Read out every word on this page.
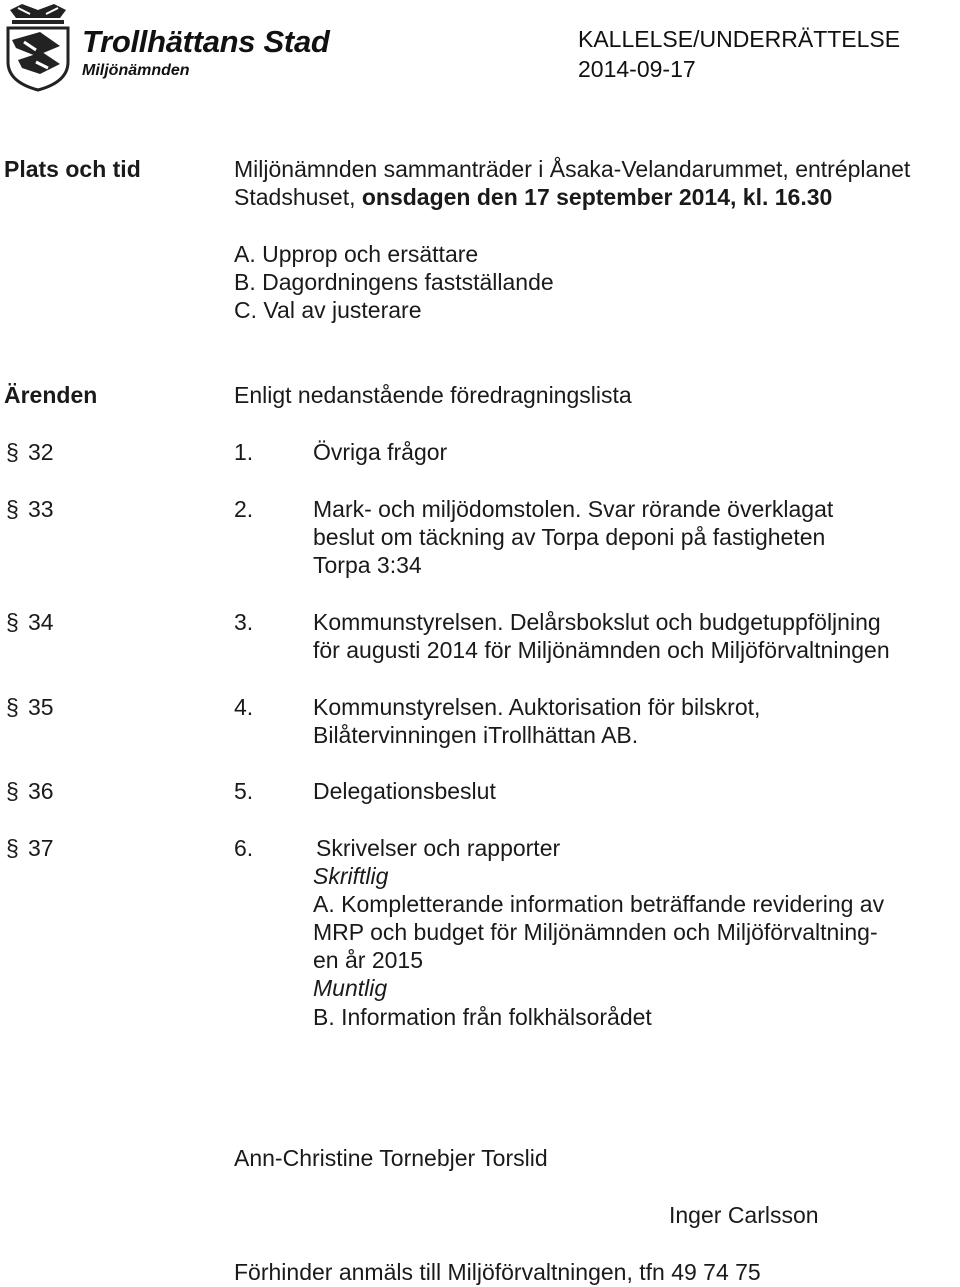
Trollhättans Stad
Miljönämnden
KALLELSE/UNDERRÄTTELSE
2014-09-17
Plats och tid	Miljönämnden sammanträder i Åsaka-Velandarummet, entréplanet
Stadshuset, onsdagen den 17 september 2014, kl. 16.30
A. Upprop och ersättare
B. Dagordningens fastställande
C. Val av justerare
Ärenden	Enligt nedanstående föredragningslista
§ 32	1.	Övriga frågor
§ 33	2.	Mark- och miljödomstolen. Svar rörande överklagat
beslut om täckning av Torpa deponi på fastigheten
Torpa 3:34
§ 34	3.	Kommunstyrelsen. Delårsbokslut och budgetuppföljning
för augusti 2014 för Miljönämnden och Miljöförvaltningen
§ 35	4.	Kommunstyrelsen. Auktorisation för bilskrot,
Bilåtervinningen iTrollhättan AB.
§ 36	5.	Delegationsbeslut
§ 37	6.	Skrivelser och rapporter
Skriftlig
A. Kompletterande information beträffande revidering av
MRP och budget för Miljönämnden och Miljöförvaltning-
en år 2015
Muntlig
B. Information från folkhälsorådet
Ann-Christine Tornebjer Torslid
Inger Carlsson
Förhinder anmäls till Miljöförvaltningen, tfn 49 74 75
